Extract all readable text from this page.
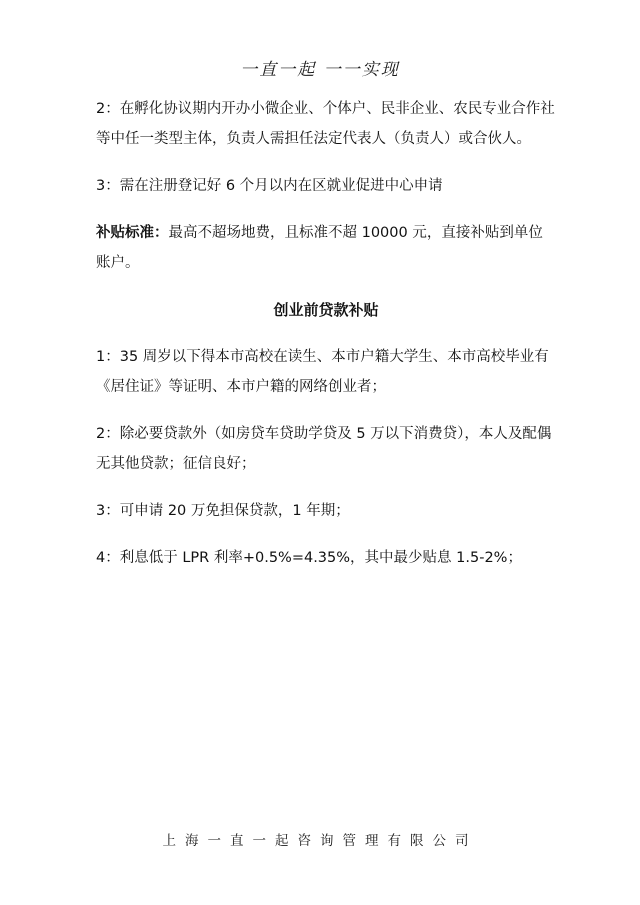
一直一起 一一实现

2：在孵化协议期内开办小微企业、个体户、民非企业、农民专业合作社等中任一类型主体，负责人需担任法定代表人（负责人）或合伙人。

3：需在注册登记好 6 个月以内在区就业促进中心申请

补贴标准：最高不超场地费，且标准不超 10000 元，直接补贴到单位账户。

创业前贷款补贴

1：35 周岁以下得本市高校在读生、本市户籍大学生、本市高校毕业有《居住证》等证明、本市户籍的网络创业者；

2：除必要贷款外（如房贷车贷助学贷及 5 万以下消费贷），本人及配偶无其他贷款；征信良好；

3：可申请 20 万免担保贷款，1 年期；

4：利息低于 LPR 利率+0.5%=4.35%，其中最少贴息 1.5-2%；

上海一直一起咨询管理有限公司
